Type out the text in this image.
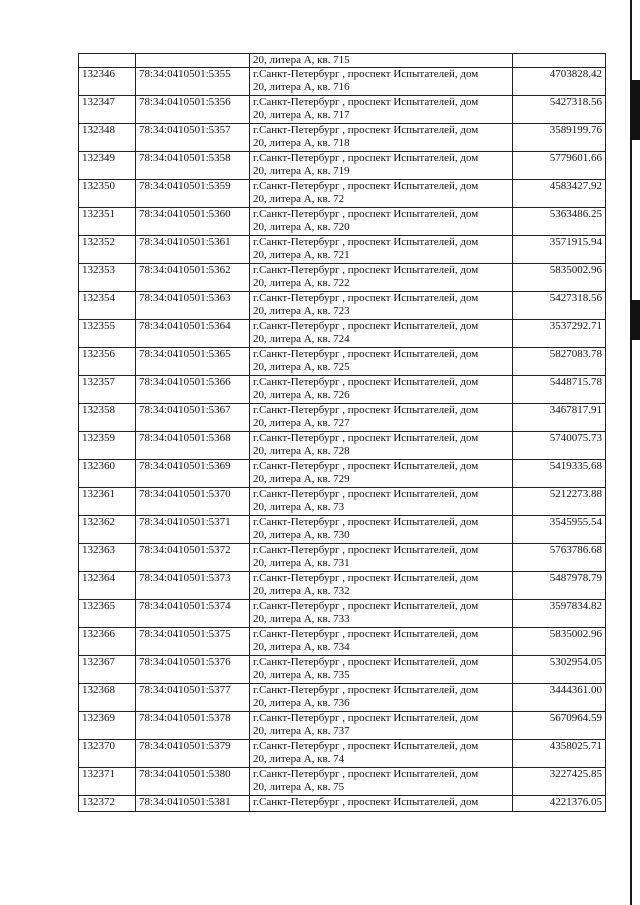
		20, литера А, кв. 715	

132346	78:34:0410501:5355	г.Санкт-Петербург , проспект Испытателей, дом
20, литера А, кв. 716	4703828.42
132347	78:34:0410501:5356	г.Санкт-Петербург , проспект Испытателей, дом
20, литера А, кв. 717	5427318.56
132348	78:34:0410501:5357	г.Санкт-Петербург , проспект Испытателей, дом
20, литера А, кв. 718	3589199.76
132349	78:34:0410501:5358	г.Санкт-Петербург , проспект Испытателей, дом
20, литера А, кв. 719	5779601.66
132350	78:34:0410501:5359	г.Санкт-Петербург , проспект Испытателей, дом
20, литера А, кв. 72	4583427.92
132351	78:34:0410501:5360	г.Санкт-Петербург , проспект Испытателей, дом
20, литера А, кв. 720	5363486.25
132352	78:34:0410501:5361	г.Санкт-Петербург , проспект Испытателей, дом
20, литера А, кв. 721	3571915.94
132353	78:34:0410501:5362	г.Санкт-Петербург , проспект Испытателей, дом
20, литера А, кв. 722	5835002.96
132354	78:34:0410501:5363	г.Санкт-Петербург , проспект Испытателей, дом
20, литера А, кв. 723	5427318.56
132355	78:34:0410501:5364	г.Санкт-Петербург , проспект Испытателей, дом
20, литера А, кв. 724	3537292.71
132356	78:34:0410501:5365	г.Санкт-Петербург , проспект Испытателей, дом
20, литера А, кв. 725	5827083.78
132357	78:34:0410501:5366	г.Санкт-Петербург , проспект Испытателей, дом
20, литера А, кв. 726	5448715.78
132358	78:34:0410501:5367	г.Санкт-Петербург , проспект Испытателей, дом
20, литера А, кв. 727	3467817.91
132359	78:34:0410501:5368	г.Санкт-Петербург , проспект Испытателей, дом
20, литера А, кв. 728	5740075.73
132360	78:34:0410501:5369	г.Санкт-Петербург , проспект Испытателей, дом
20, литера А, кв. 729	5419335.68
132361	78:34:0410501:5370	г.Санкт-Петербург , проспект Испытателей, дом
20, литера А, кв. 73	5212273.88
132362	78:34:0410501:5371	г.Санкт-Петербург , проспект Испытателей, дом
20, литера А, кв. 730	3545955.54
132363	78:34:0410501:5372	г.Санкт-Петербург , проспект Испытателей, дом
20, литера А, кв. 731	5763786.68
132364	78:34:0410501:5373	г.Санкт-Петербург , проспект Испытателей, дом
20, литера А, кв. 732	5487978.79
132365	78:34:0410501:5374	г.Санкт-Петербург , проспект Испытателей, дом
20, литера А, кв. 733	3597834.82
132366	78:34:0410501:5375	г.Санкт-Петербург , проспект Испытателей, дом
20, литера А, кв. 734	5835002.96
132367	78:34:0410501:5376	г.Санкт-Петербург , проспект Испытателей, дом
20, литера А, кв. 735	5302954.05
132368	78:34:0410501:5377	г.Санкт-Петербург , проспект Испытателей, дом
20, литера А, кв. 736	3444361.00
132369	78:34:0410501:5378	г.Санкт-Петербург , проспект Испытателей, дом
20, литера А, кв. 737	5670964.59
132370	78:34:0410501:5379	г.Санкт-Петербург , проспект Испытателей, дом
20, литера А, кв. 74	4358025.71
132371	78:34:0410501:5380	г.Санкт-Петербург , проспект Испытателей, дом
20, литера А, кв. 75	3227425.85
132372	78:34:0410501:5381	г.Санкт-Петербург , проспект Испытателей, дом	4221376.05
